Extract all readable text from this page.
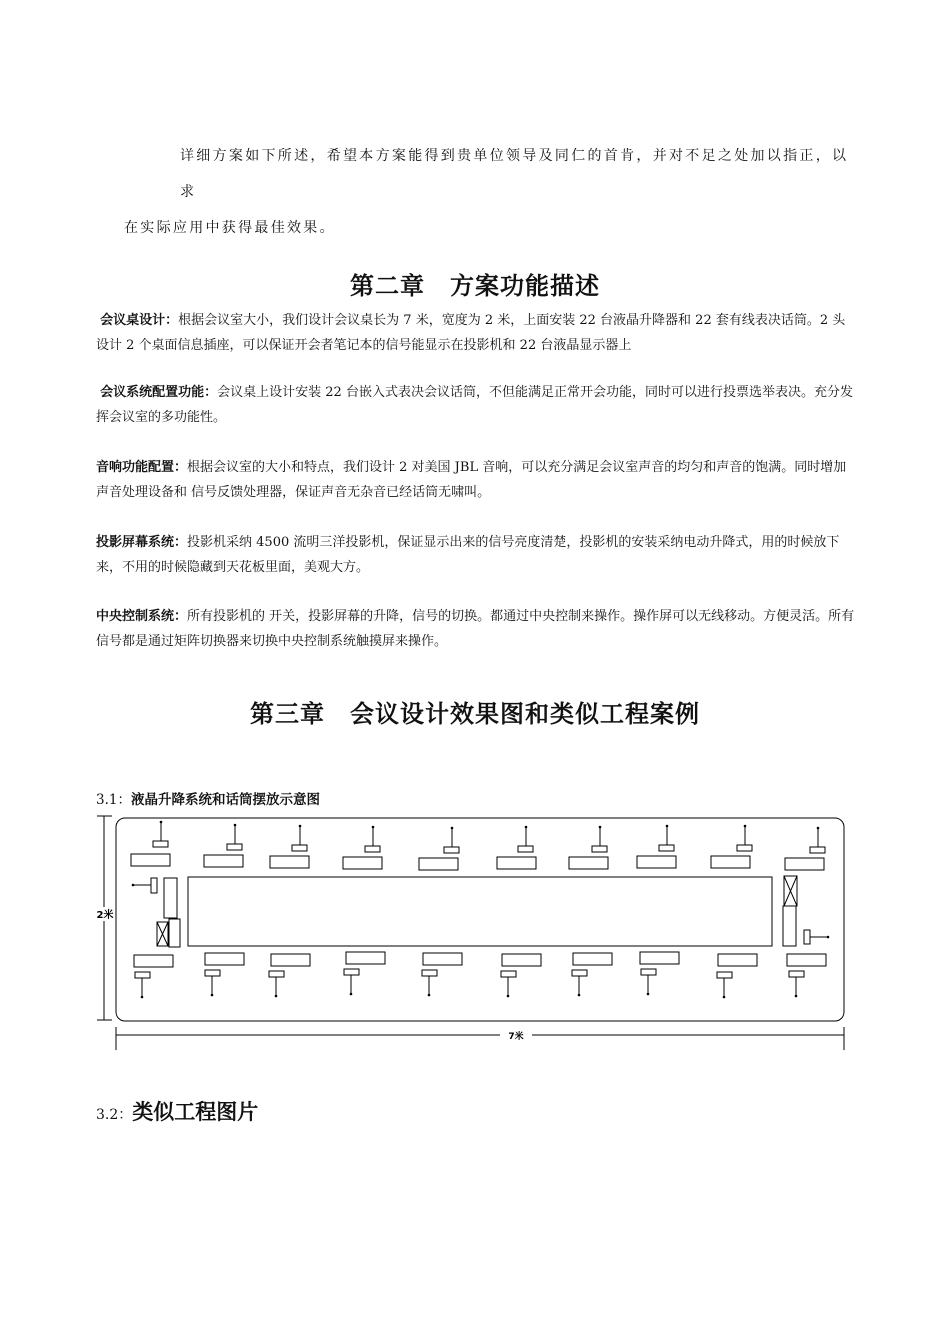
详细方案如下所述，希望本方案能得到贵单位领导及同仁的首肯，并对不足之处加以指正，以求
在实际应用中获得最佳效果。
第二章　方案功能描述
会议桌设计：根据会议室大小，我们设计会议桌长为 7 米，宽度为 2 米，上面安装 22 台液晶升降器和 22 套有线表决话筒。2 头设计 2 个桌面信息插座，可以保证开会者笔记本的信号能显示在投影机和 22 台液晶显示器上
会议系统配置功能：会议桌上设计安装 22 台嵌入式表决会议话筒，不但能满足正常开会功能，同时可以进行投票选举表决。充分发挥会议室的多功能性。
音响功能配置：根据会议室的大小和特点，我们设计 2 对美国 JBL 音响，可以充分满足会议室声音的均匀和声音的饱满。同时增加声音处理设备和 信号反馈处理器，保证声音无杂音已经话筒无啸叫。
投影屏幕系统：投影机采纳 4500 流明三洋投影机，保证显示出来的信号亮度清楚，投影机的安装采纳电动升降式，用的时候放下来，不用的时候隐藏到天花板里面，美观大方。
中央控制系统：所有投影机的 开关，投影屏幕的升降，信号的切换。都通过中央控制来操作。操作屏可以无线移动。方便灵活。所有信号都是通过矩阵切换器来切换中央控制系统触摸屏来操作。
第三章　会议设计效果图和类似工程案例
3.1：液晶升降系统和话筒摆放示意图
2米
7米
3.2：类似工程图片
